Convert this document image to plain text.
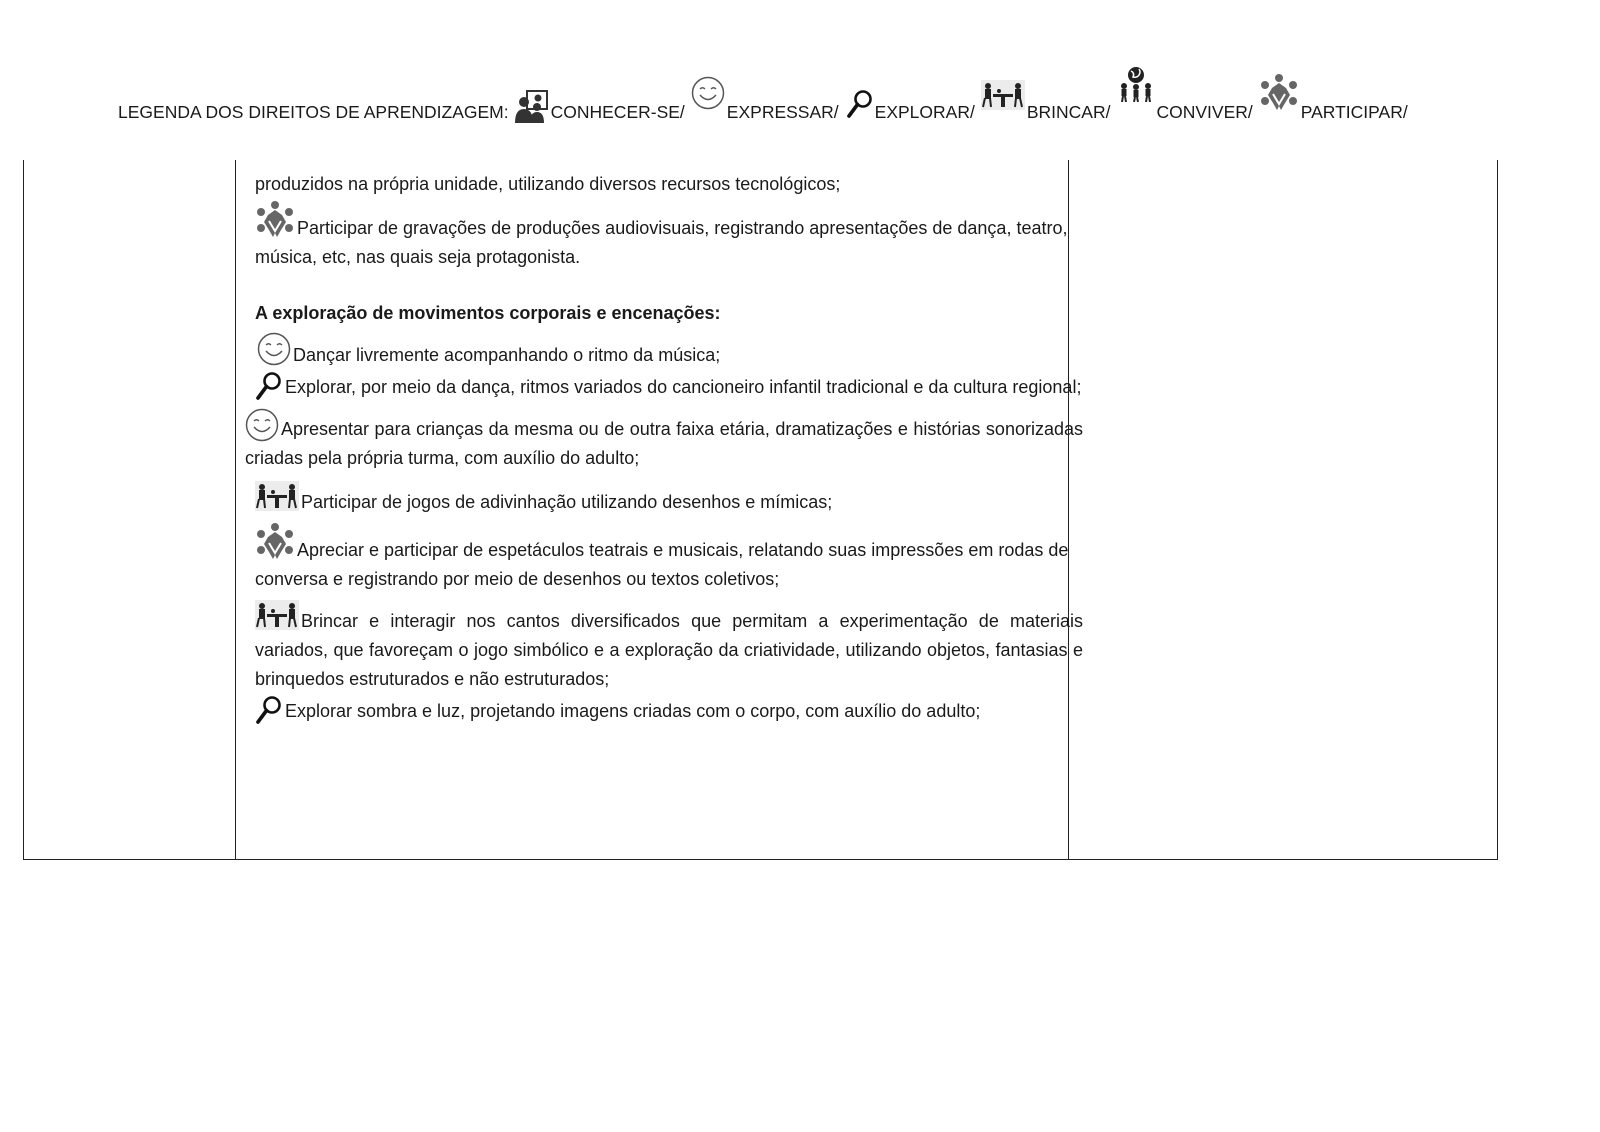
LEGENDA DOS DIREITOS DE APRENDIZAGEM: CONHECER-SE/ EXPRESSAR/ EXPLORAR/	BRINCAR/	CONVIVER/	PARTICIPAR/
produzidos na própria unidade, utilizando diversos recursos tecnológicos;
Participar de gravações de produções audiovisuais, registrando apresentações de dança, teatro, música, etc, nas quais seja protagonista.
A exploração de movimentos corporais e encenações:
Dançar livremente acompanhando o ritmo da música;
Explorar, por meio da dança, ritmos variados do cancioneiro infantil tradicional e da cultura regional;
Apresentar para crianças da mesma ou de outra faixa etária, dramatizações e histórias sonorizadas criadas pela própria turma, com auxílio do adulto;
Participar de jogos de adivinhação utilizando desenhos e mímicas;
Apreciar e participar de espetáculos teatrais e musicais, relatando suas impressões em rodas de conversa e registrando por meio de desenhos ou textos coletivos;
Brincar e interagir nos cantos diversificados que permitam a experimentação de materiais variados, que favoreçam o jogo simbólico e a exploração da criatividade, utilizando objetos, fantasias e brinquedos estruturados e não estruturados;
Explorar sombra e luz, projetando imagens criadas com o corpo, com auxílio do adulto;
